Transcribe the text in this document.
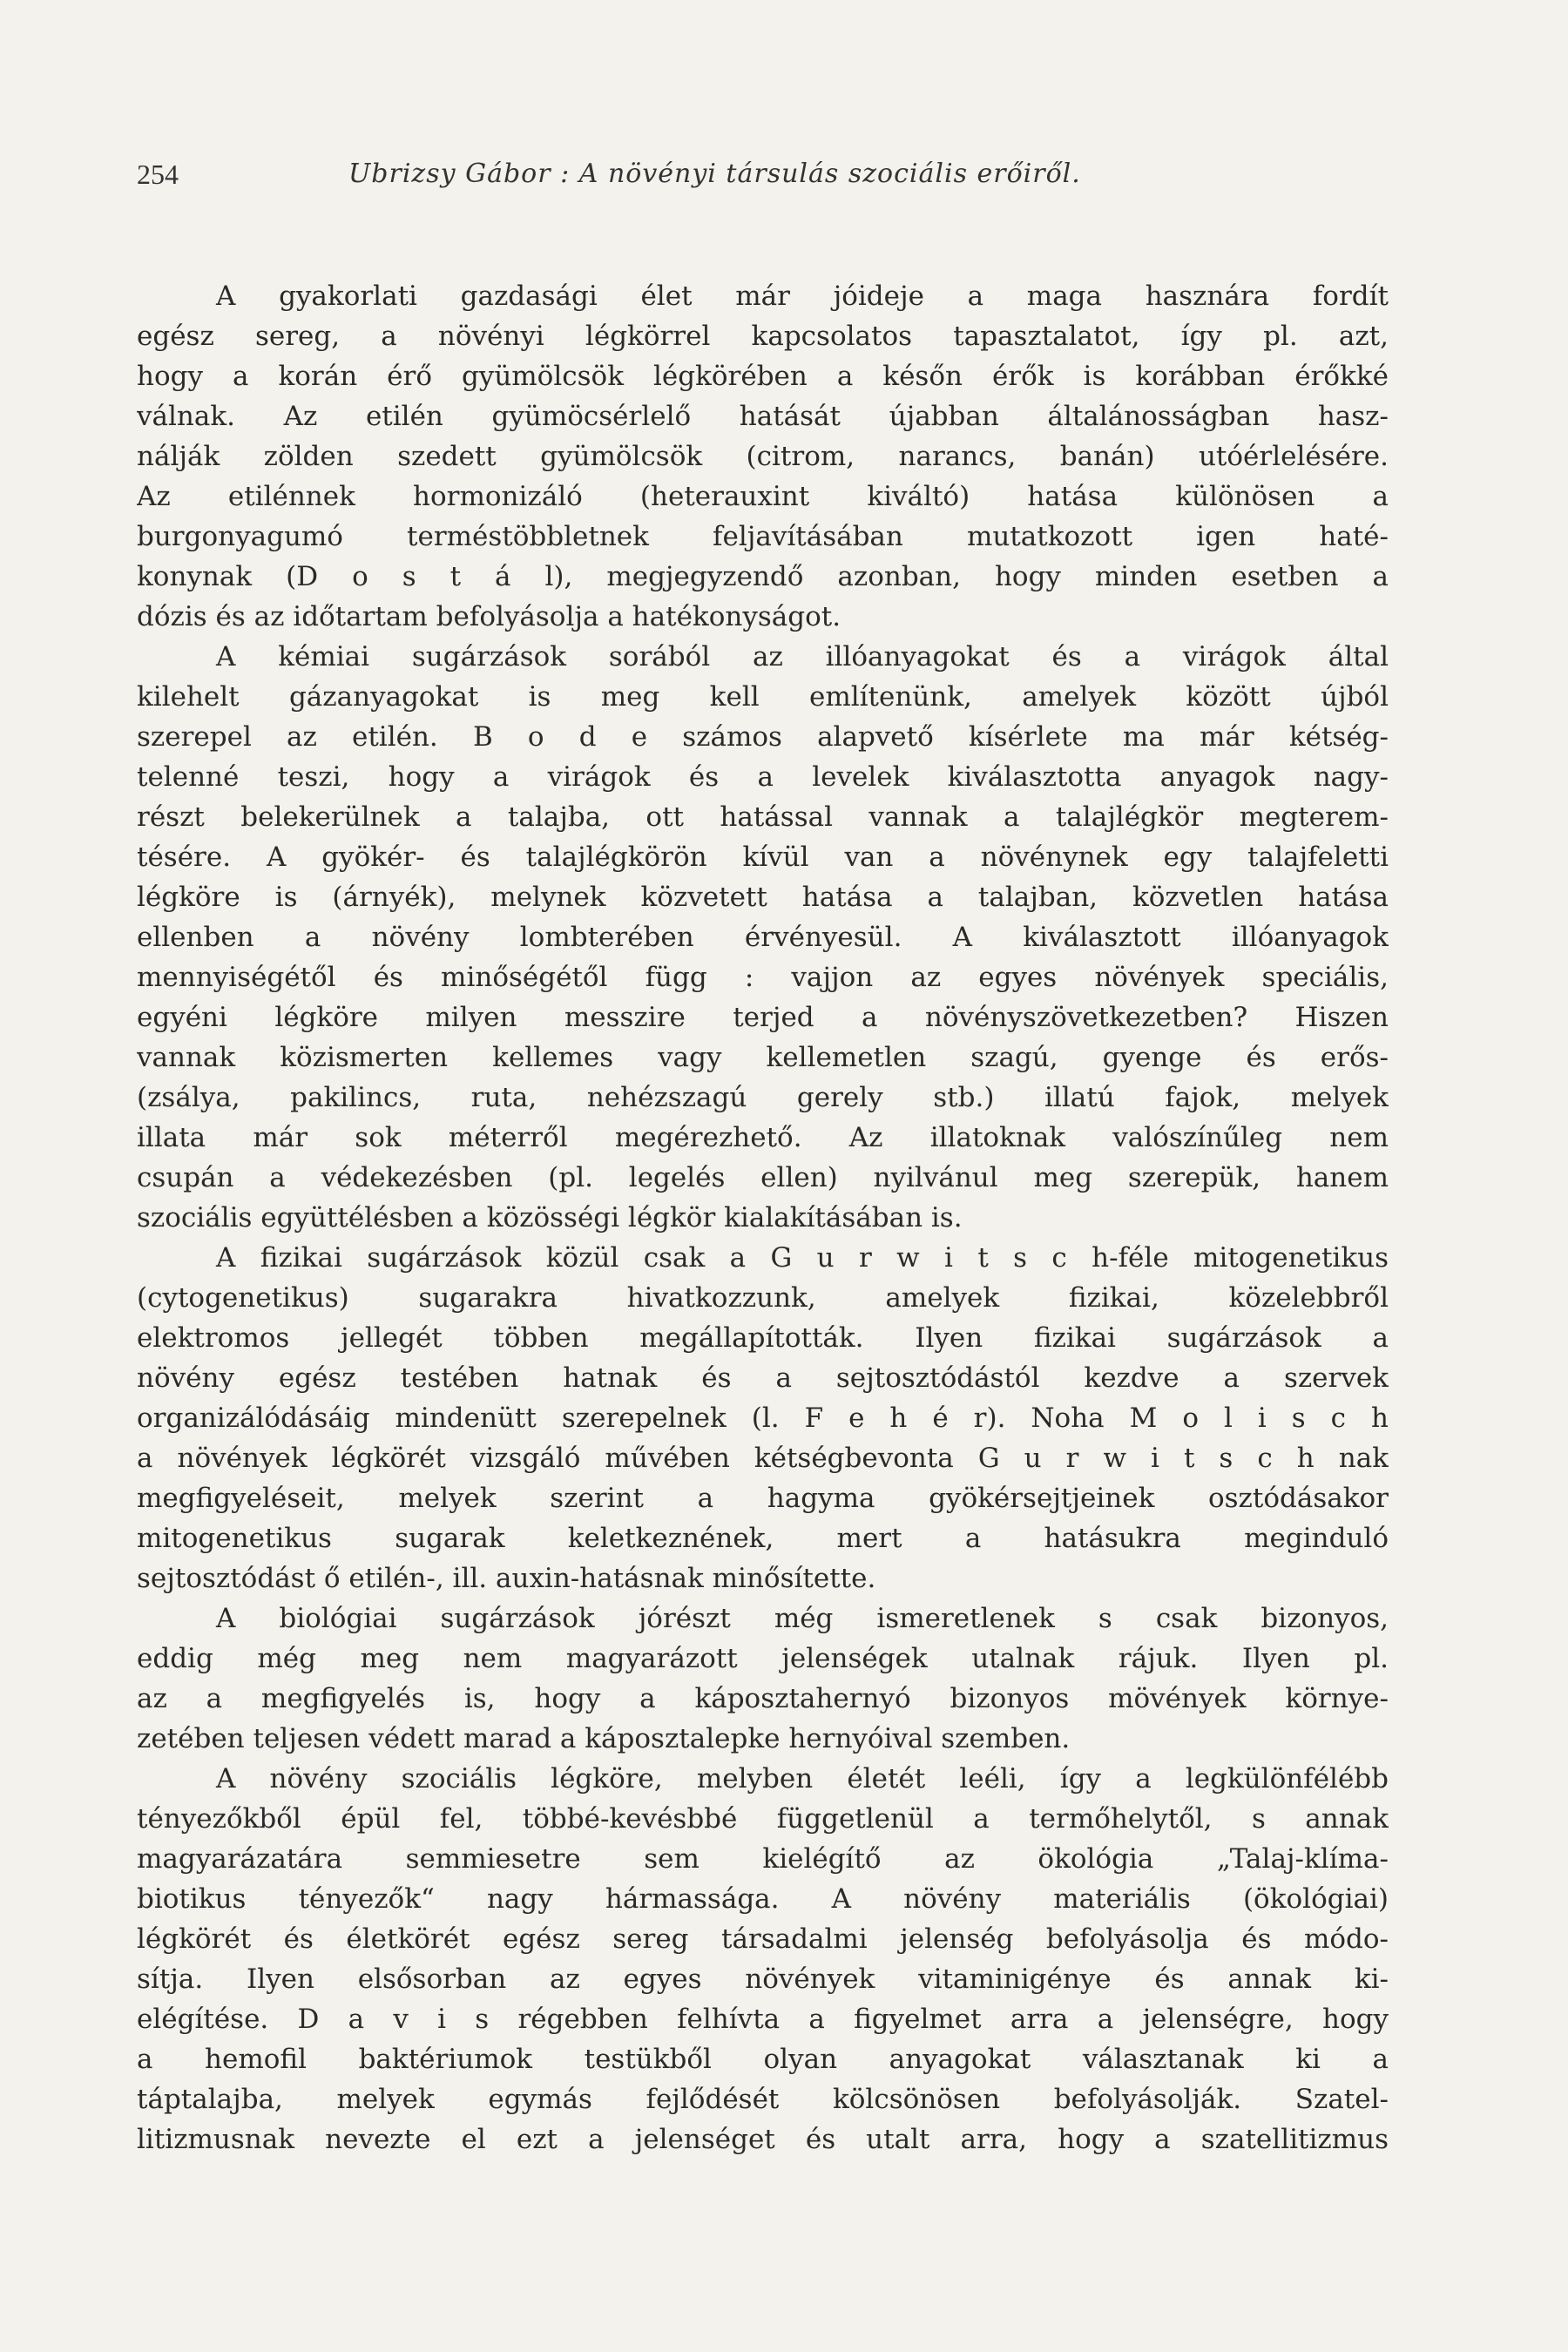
254	Ubrizsy Gábor : A növényi társulás szociális erőiről.
A gyakorlati gazdasági élet már jóideje a maga hasznára fordít
egész sereg, a növényi légkörrel kapcsolatos tapasztalatot, így pl. azt,
hogy a korán érő gyümölcsök légkörében a későn érők is korábban érőkké
válnak. Az etilén gyümöcsérlelő hatását újabban általánosságban hasz-
nálják zölden szedett gyümölcsök (citrom, narancs, banán) utóérlelésére.
Az etilénnek hormonizáló (heterauxint kiváltó) hatása különösen a
burgonyagumó terméstöbbletnek feljavításában mutatkozott igen haté-
konynak (D o s t á l), megjegyzendő azonban, hogy minden esetben a
dózis és az időtartam befolyásolja a hatékonyságot.
A kémiai sugárzások sorából az illóanyagokat és a virágok által
kilehelt gázanyagokat is meg kell említenünk, amelyek között újból
szerepel az etilén. B o d e számos alapvető kísérlete ma már kétség-
telenné teszi, hogy a virágok és a levelek kiválasztotta anyagok nagy-
részt belekerülnek a talajba, ott hatással vannak a talajlégkör megterem-
tésére. A gyökér- és talajlégkörön kívül van a növénynek egy talajfeletti
légköre is (árnyék), melynek közvetett hatása a talajban, közvetlen hatása
ellenben a növény lombterében érvényesül. A kiválasztott illóanyagok
mennyiségétől és minőségétől függ : vajjon az egyes növények speciális,
egyéni légköre milyen messzire terjed a növényszövetkezetben? Hiszen
vannak közismerten kellemes vagy kellemetlen szagú, gyenge és erős-
(zsálya, pakilincs, ruta, nehézszagú gerely stb.) illatú fajok, melyek
illata már sok méterről megérezhető. Az illatoknak valószínűleg nem
csupán a védekezésben (pl. legelés ellen) nyilvánul meg szerepük, hanem
szociális együttélésben a közösségi légkör kialakításában is.
A fizikai sugárzások közül csak a G u r w i t s c h-féle mitogenetikus
(cytogenetikus) sugarakra hivatkozzunk, amelyek fizikai, közelebbről
elektromos jellegét többen megállapították. Ilyen fizikai sugárzások a
növény egész testében hatnak és a sejtosztódástól kezdve a szervek
organizálódásáig mindenütt szerepelnek (l. F e h é r). Noha M o l i s c h
a növények légkörét vizsgáló művében kétségbevonta G u r w i t s c h nak
megfigyeléseit, melyek szerint a hagyma gyökérsejtjeinek osztódásakor
mitogenetikus sugarak keletkeznének, mert a hatásukra meginduló
sejtosztódást ő etilén-, ill. auxin-hatásnak minősítette.
A biológiai sugárzások jórészt még ismeretlenek s csak bizonyos,
eddig még meg nem magyarázott jelenségek utalnak rájuk. Ilyen pl.
az a megfigyelés is, hogy a káposztahernyó bizonyos mövények környe-
zetében teljesen védett marad a káposztalepke hernyóival szemben.
A növény szociális légköre, melyben életét leéli, így a legkülönfélébb
tényezőkből épül fel, többé-kevésbbé függetlenül a termőhelytől, s annak
magyarázatára semmiesetre sem kielégítő az ökológia „Talaj-klíma-
biotikus tényezők“ nagy hármassága. A növény materiális (ökológiai)
légkörét és életkörét egész sereg társadalmi jelenség befolyásolja és módo-
sítja. Ilyen elsősorban az egyes növények vitaminigénye és annak ki-
elégítése. D a v i s régebben felhívta a figyelmet arra a jelenségre, hogy
a hemofil baktériumok testükből olyan anyagokat választanak ki a
táptalajba, melyek egymás fejlődését kölcsönösen befolyásolják. Szatel-
litizmusnak nevezte el ezt a jelenséget és utalt arra, hogy a szatellitizmus
